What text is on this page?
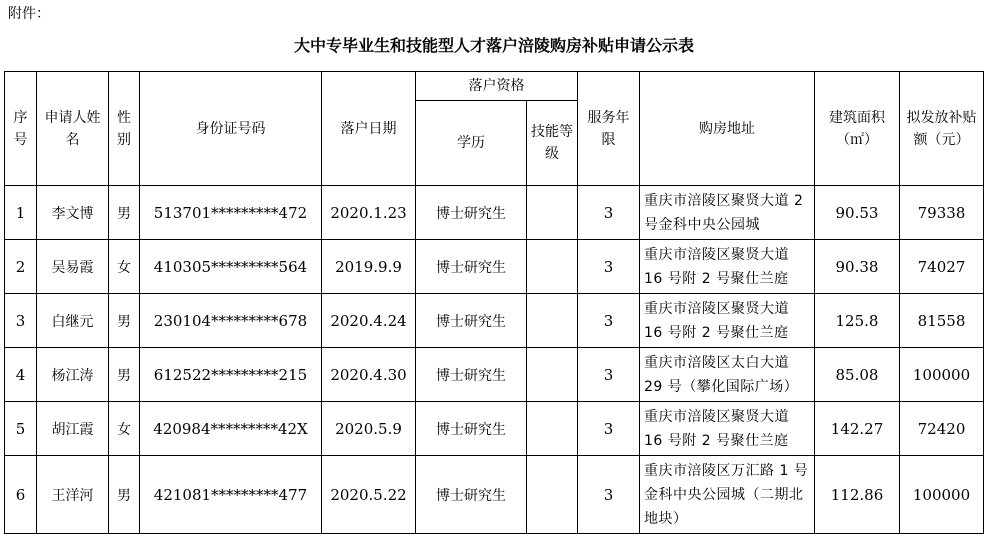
附件：
大中专毕业生和技能型人才落户涪陵购房补贴申请公示表
序号	申请人姓名	性别	身份证号码	落户日期	落户资格		服务年限	购房地址	建筑面积（㎡）	拟发放补贴额（元）
					学历	技能等级				
1	李文博	男	513701*********472	2020.1.23	博士研究生		3	重庆市涪陵区聚贤大道 2 号金科中央公园城	90.53	79338
2	吴易霞	女	410305*********564	2019.9.9	博士研究生		3	重庆市涪陵区聚贤大道 16 号附 2 号聚仕兰庭	90.38	74027
3	白继元	男	230104*********678	2020.4.24	博士研究生		3	重庆市涪陵区聚贤大道 16 号附 2 号聚仕兰庭	125.8	81558
4	杨江涛	男	612522*********215	2020.4.30	博士研究生		3	重庆市涪陵区太白大道 29 号（攀化国际广场）	85.08	100000
5	胡江霞	女	420984*********42X	2020.5.9	博士研究生		3	重庆市涪陵区聚贤大道 16 号附 2 号聚仕兰庭	142.27	72420
6	王洋河	男	421081*********477	2020.5.22	博士研究生		3	重庆市涪陵区万汇路 1 号金科中央公园城（二期北地块）	112.86	100000
